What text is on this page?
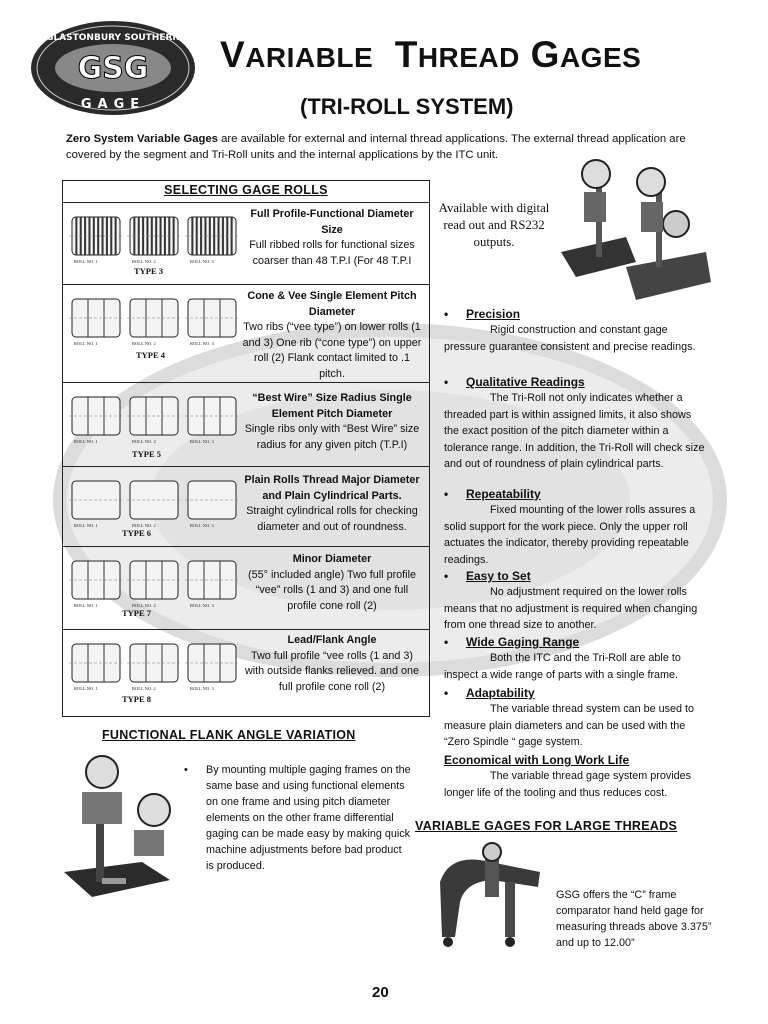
GSG
GLASTONBURY SOUTHERN
GAGE
VARIABLE THREAD GAGES
(TRI-ROLL SYSTEM)
Zero System Variable Gages are available for external and internal thread applications. The external thread application are covered by the segment and Tri-Roll units and the internal applications by the ITC unit.
SELECTING GAGE ROLLS
ROLL NO. 1	ROLL NO. 2	ROLL NO. 3
TYPE 3
Full Profile-Functional Diameter Size
Full ribbed rolls for functional sizes coarser than 48 T.P.I (For 48 T.P.I
ROLL NO. 1	ROLL NO. 2	ROLL NO. 3
TYPE 4
Cone & Vee Single Element Pitch Diameter
Two ribs (“vee type”) on lower rolls (1 and 3) One rib (“cone type”) on upper roll (2) Flank contact limited to .1 pitch.
ROLL NO. 1	ROLL NO. 2	ROLL NO. 3
TYPE 5
“Best Wire” Size Radius Single Element Pitch Diameter
Single ribs only with “Best Wire” size radius for any given pitch (T.P.I)
ROLL NO. 1	ROLL NO. 2	ROLL NO. 3
TYPE 6
Plain Rolls Thread Major Diameter and Plain Cylindrical Parts.
Straight cylindrical rolls for checking diameter and out of roundness.
ROLL NO. 1	ROLL NO. 2	ROLL NO. 3
TYPE 7
Minor Diameter
(55° included angle) Two full profile “vee” rolls (1 and 3) and one full profile cone roll (2)
ROLL NO. 1	ROLL NO. 2	ROLL NO. 3
TYPE 8
Lead/Flank Angle
Two full profile “vee rolls (1 and 3) with outside flanks relieved. and one full profile cone roll (2)
Available with digital read out and RS232 outputs.
• Precision
Rigid construction and constant gage pressure guarantee consistent and precise readings.
• Qualitative Readings
The Tri-Roll not only indicates whether a threaded part is within assigned limits, it also shows the exact position of the pitch diameter within a tolerance range. In addition, the Tri-Roll will check size and out of roundness of plain cylindrical parts.
• Repeatability
Fixed mounting of the lower rolls assures a solid support for the work piece. Only the upper roll actuates the indicator, thereby providing repeatable readings.
• Easy to Set
No adjustment required on the lower rolls means that no adjustment is required when changing from one thread size to another.
• Wide Gaging Range
Both the ITC and the Tri-Roll are able to inspect a wide range of parts with a single frame.
• Adaptability
The variable thread system can be used to measure plain diameters and can be used with the “Zero Spindle “ gage system.
Economical with Long Work Life
The variable thread gage system provides longer life of the tooling and thus reduces cost.
FUNCTIONAL FLANK ANGLE VARIATION
• By mounting multiple gaging frames on the same base and using functional elements on one frame and using pitch diameter elements on the other frame differential gaging can be made easy by making quick machine adjustments before bad product is produced.
VARIABLE GAGES FOR LARGE THREADS
GSG offers the “C” frame comparator hand held gage for measuring threads above 3.375” and up to 12.00”
20
